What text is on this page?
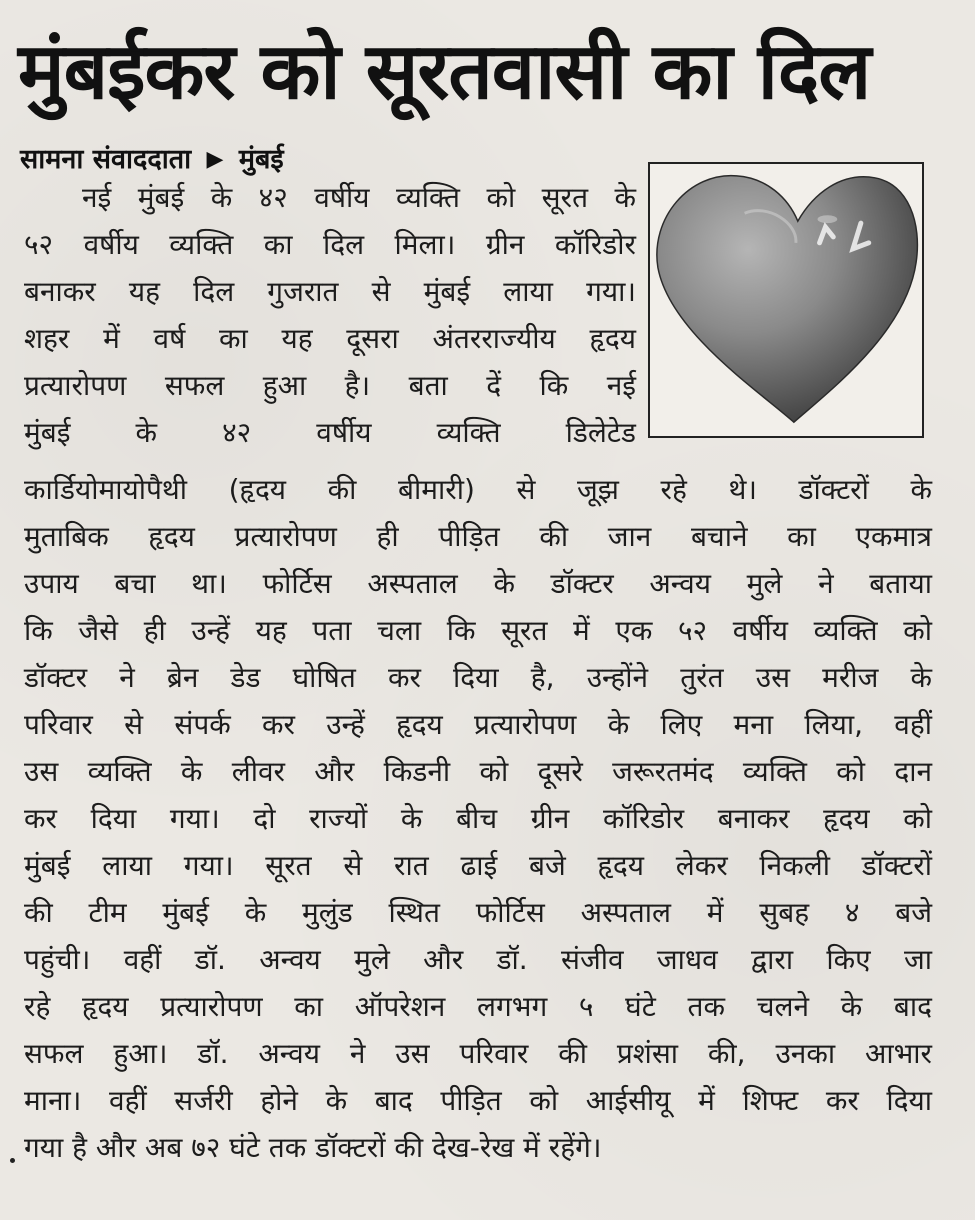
मुंबईकर को सूरतवासी का दिल
सामना संवाददाता ▶ मुंबई
नई मुंबई के ४२ वर्षीय व्यक्ति को सूरत के
५२ वर्षीय व्यक्ति का दिल मिला। ग्रीन कॉरिडोर
बनाकर यह दिल गुजरात से मुंबई लाया गया।
शहर में वर्ष का यह दूसरा अंतरराज्यीय हृदय
प्रत्यारोपण सफल हुआ है। बता दें कि नई
मुंबई के ४२ वर्षीय व्यक्ति डिलेटेड
कार्डियोमायोपैथी (हृदय की बीमारी) से जूझ रहे थे। डॉक्टरों के
मुताबिक हृदय प्रत्यारोपण ही पीड़ित की जान बचाने का एकमात्र
उपाय बचा था। फोर्टिस अस्पताल के डॉक्टर अन्वय मुले ने बताया
कि जैसे ही उन्हें यह पता चला कि सूरत में एक ५२ वर्षीय व्यक्ति को
डॉक्टर ने ब्रेन डेड घोषित कर दिया है, उन्होंने तुरंत उस मरीज के
परिवार से संपर्क कर उन्हें हृदय प्रत्यारोपण के लिए मना लिया, वहीं
उस व्यक्ति के लीवर और किडनी को दूसरे जरूरतमंद व्यक्ति को दान
कर दिया गया। दो राज्यों के बीच ग्रीन कॉरिडोर बनाकर हृदय को
मुंबई लाया गया। सूरत से रात ढाई बजे हृदय लेकर निकली डॉक्टरों
की टीम मुंबई के मुलुंड स्थित फोर्टिस अस्पताल में सुबह ४ बजे
पहुंची। वहीं डॉ. अन्वय मुले और डॉ. संजीव जाधव द्वारा किए जा
रहे हृदय प्रत्यारोपण का ऑपरेशन लगभग ५ घंटे तक चलने के बाद
सफल हुआ। डॉ. अन्वय ने उस परिवार की प्रशंसा की, उनका आभार
माना। वहीं सर्जरी होने के बाद पीड़ित को आईसीयू में शिफ्ट कर दिया
गया है और अब ७२ घंटे तक डॉक्टरों की देख-रेख में रहेंगे।
